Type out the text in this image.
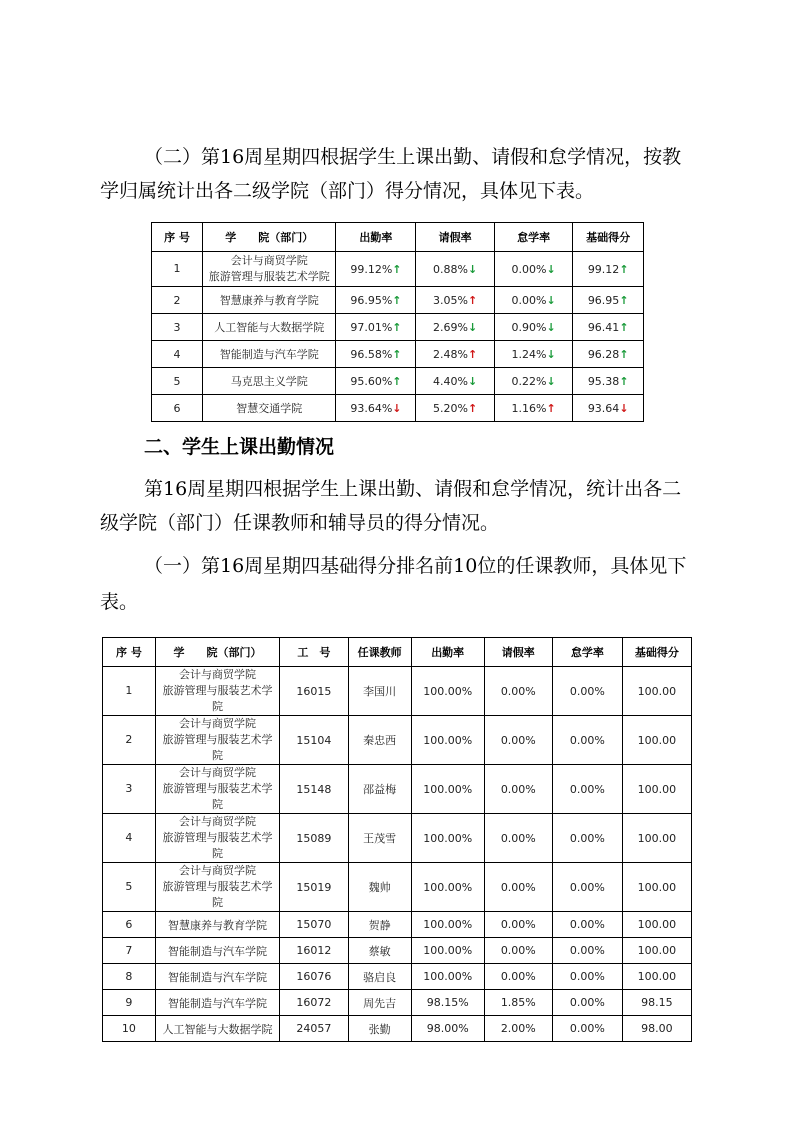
（二）第16周星期四根据学生上课出勤、请假和怠学情况，按教学归属统计出各二级学院（部门）得分情况，具体见下表。

序 号	学　　院（部门）	出勤率	请假率	怠学率	基础得分
1	会计与商贸学院
旅游管理与服装艺术学院	99.12%↑	0.88%↓	0.00%↓	99.12↑
2	智慧康养与教育学院	96.95%↑	3.05%↑	0.00%↓	96.95↑
3	人工智能与大数据学院	97.01%↑	2.69%↓	0.90%↓	96.41↑
4	智能制造与汽车学院	96.58%↑	2.48%↑	1.24%↓	96.28↑
5	马克思主义学院	95.60%↑	4.40%↓	0.22%↓	95.38↑
6	智慧交通学院	93.64%↓	5.20%↑	1.16%↑	93.64↓

二、学生上课出勤情况

第16周星期四根据学生上课出勤、请假和怠学情况，统计出各二级学院（部门）任课教师和辅导员的得分情况。

（一）第16周星期四基础得分排名前10位的任课教师，具体见下表。

序 号	学　　院（部门）	工　号	任课教师	出勤率	请假率	怠学率	基础得分
1	会计与商贸学院
旅游管理与服装艺术学院	16015	李国川	100.00%	0.00%	0.00%	100.00
2	会计与商贸学院
旅游管理与服装艺术学院	15104	秦忠西	100.00%	0.00%	0.00%	100.00
3	会计与商贸学院
旅游管理与服装艺术学院	15148	邵益梅	100.00%	0.00%	0.00%	100.00
4	会计与商贸学院
旅游管理与服装艺术学院	15089	王茂雪	100.00%	0.00%	0.00%	100.00
5	会计与商贸学院
旅游管理与服装艺术学院	15019	魏帅	100.00%	0.00%	0.00%	100.00
6	智慧康养与教育学院	15070	贺静	100.00%	0.00%	0.00%	100.00
7	智能制造与汽车学院	16012	蔡敏	100.00%	0.00%	0.00%	100.00
8	智能制造与汽车学院	16076	骆启良	100.00%	0.00%	0.00%	100.00
9	智能制造与汽车学院	16072	周先吉	98.15%	1.85%	0.00%	98.15
10	人工智能与大数据学院	24057	张勤	98.00%	2.00%	0.00%	98.00
